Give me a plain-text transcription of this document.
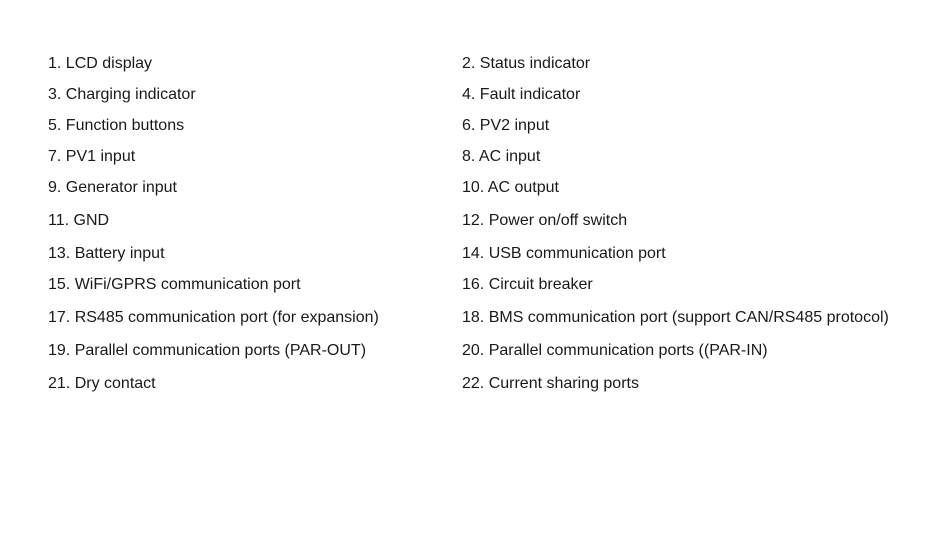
1. LCD display	2. Status indicator
3. Charging indicator	4. Fault indicator
5. Function buttons	6. PV2 input
7. PV1 input	8. AC input
9. Generator input	10. AC output
11. GND	12. Power on/off switch
13. Battery input	14. USB communication port
15. WiFi/GPRS communication port	16. Circuit breaker
17. RS485 communication port (for expansion)	18. BMS communication port (support CAN/RS485 protocol)
19. Parallel communication ports (PAR-OUT)	20. Parallel communication ports ((PAR-IN)
21. Dry contact	22. Current sharing ports
